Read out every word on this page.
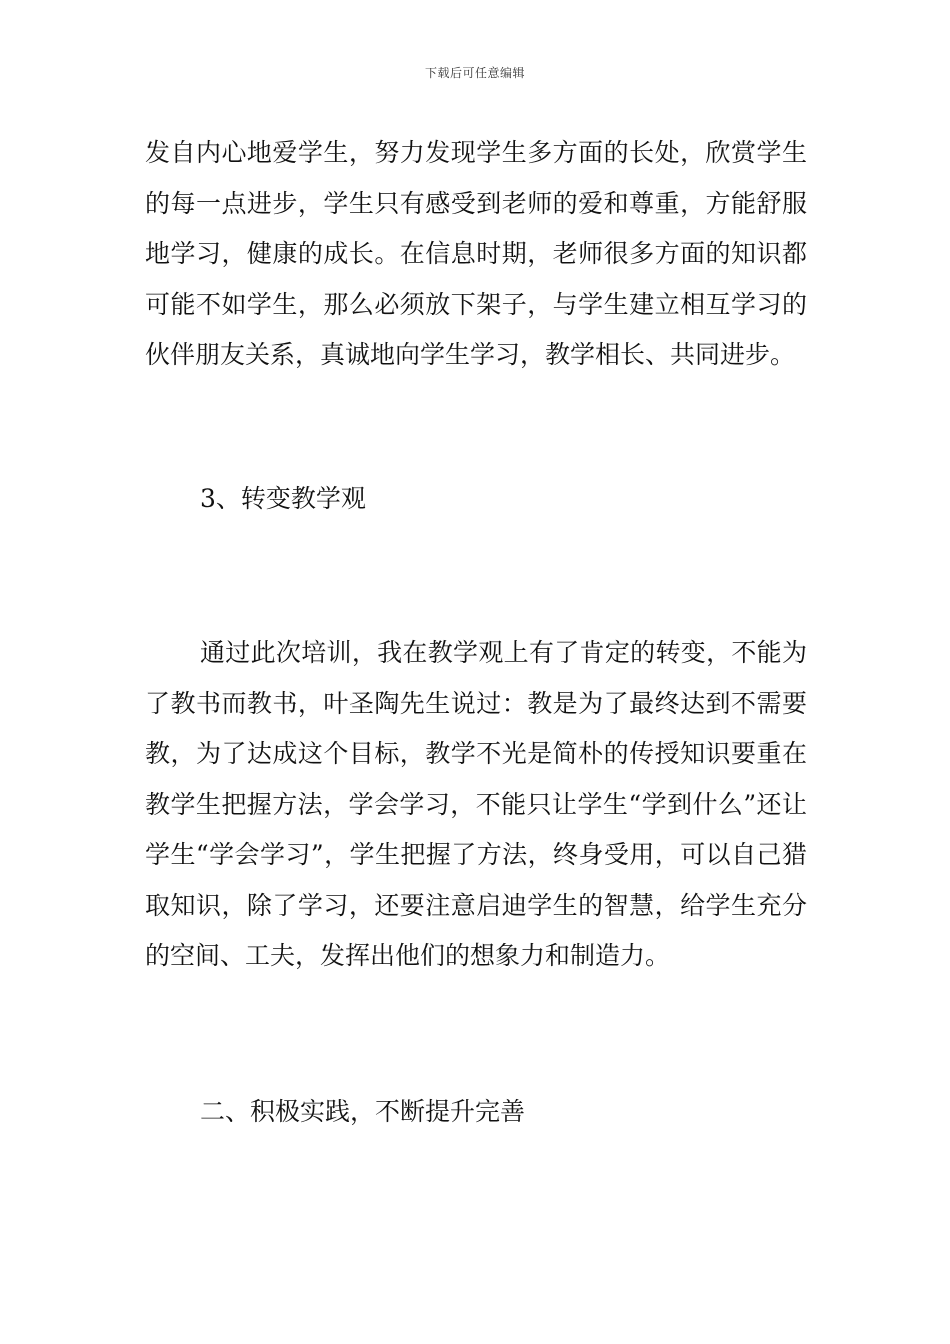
下载后可任意编辑

发自内心地爱学生，努力发现学生多方面的长处，欣赏学生的每一点进步，学生只有感受到老师的爱和尊重，方能舒服地学习，健康的成长。在信息时期，老师很多方面的知识都可能不如学生，那么必须放下架子，与学生建立相互学习的伙伴朋友关系，真诚地向学生学习，教学相长、共同进步。

3、转变教学观

通过此次培训，我在教学观上有了肯定的转变，不能为了教书而教书，叶圣陶先生说过：教是为了最终达到不需要教，为了达成这个目标，教学不光是简朴的传授知识要重在教学生把握方法，学会学习，不能只让学生“学到什么”还让学生“学会学习”，学生把握了方法，终身受用，可以自己猎取知识，除了学习，还要注意启迪学生的智慧，给学生充分的空间、工夫，发挥出他们的想象力和制造力。

二、积极实践，不断提升完善
